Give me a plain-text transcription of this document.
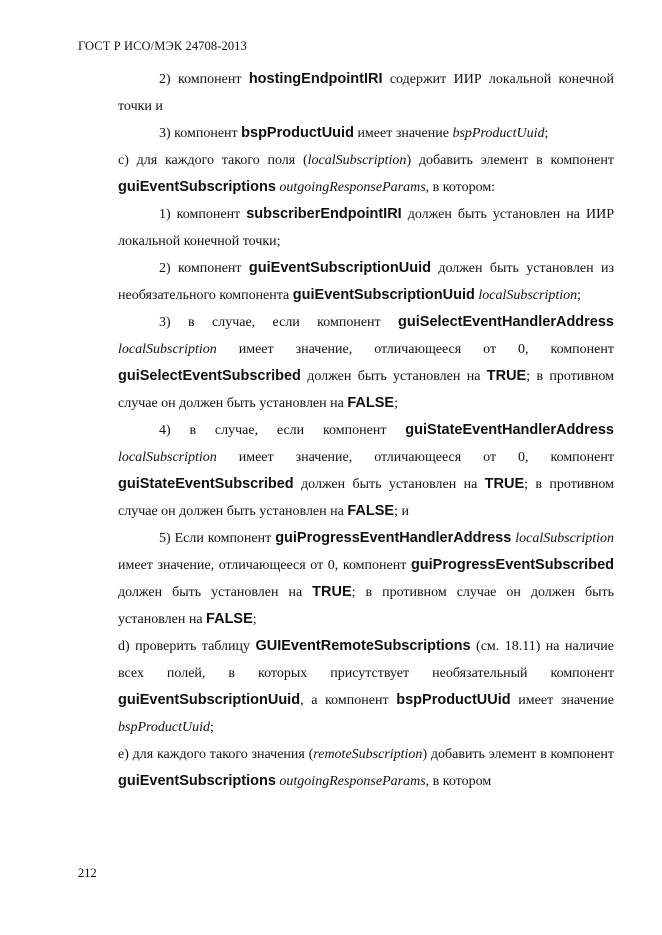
ГОСТ Р ИСО/МЭК 24708-2013

2) компонент hostingEndpointIRI содержит ИИР локальной конечной точки и

3) компонент bspProductUuid имеет значение bspProductUuid;

c) для каждого такого поля (localSubscription) добавить элемент в компонент guiEventSubscriptions outgoingResponseParams, в котором:

1) компонент subscriberEndpointIRI должен быть установлен на ИИР локальной конечной точки;

2) компонент guiEventSubscriptionUuid должен быть установлен из необязательного компонента guiEventSubscriptionUuid localSubscription;

3) в случае, если компонент guiSelectEventHandlerAddress localSubscription имеет значение, отличающееся от 0, компонент guiSelectEventSubscribed должен быть установлен на TRUE; в противном случае он должен быть установлен на FALSE;

4) в случае, если компонент guiStateEventHandlerAddress localSubscription имеет значение, отличающееся от 0, компонент guiStateEventSubscribed должен быть установлен на TRUE; в противном случае он должен быть установлен на FALSE; и

5) Если компонент guiProgressEventHandlerAddress localSubscription имеет значение, отличающееся от 0, компонент guiProgressEventSubscribed должен быть установлен на TRUE; в противном случае он должен быть установлен на FALSE;

d) проверить таблицу GUIEventRemoteSubscriptions (см. 18.11) на наличие всех полей, в которых присутствует необязательный компонент guiEventSubscriptionUuid, а компонент bspProductUUid имеет значение bspProductUuid;

e) для каждого такого значения (remoteSubscription) добавить элемент в компонент guiEventSubscriptions outgoingResponseParams, в котором

212
